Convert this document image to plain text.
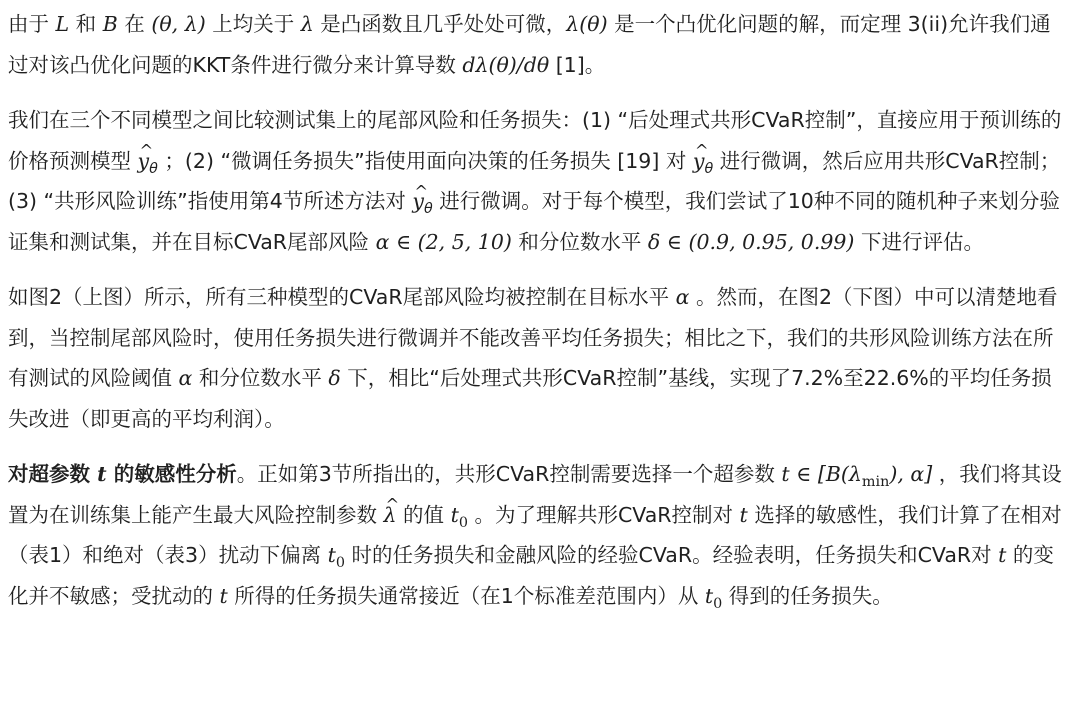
由于 L 和 B 在 (θ, λ) 上均关于 λ 是凸函数且几乎处处可微，λ(θ) 是一个凸优化问题的解，而定理 3(ii)允许我们通过对该凸优化问题的KKT条件进行微分来计算导数 dλ(θ)/dθ [1]。

我们在三个不同模型之间比较测试集上的尾部风险和任务损失：(1) “后处理式共形CVaR控制”，直接应用于预训练的价格预测模型 ^ $y_\theta$ ；(2) “微调任务损失”指使用面向决策的任务损失 [19] 对 ^ $y_\theta$ 进行微调，然后应用共形CVaR控制；(3) “共形风险训练”指使用第4节所述方法对 ^ $y_\theta$ 进行微调。对于每个模型，我们尝试了10种不同的随机种子来划分验证集和测试集，并在目标CVaR尾部风险 α ∈ (2, 5, 10) 和分位数水平 δ ∈ (0.9, 0.95, 0.99) 下进行评估。

如图2（上图）所示，所有三种模型的CVaR尾部风险均被控制在目标水平 α 。然而，在图2（下图）中可以清楚地看到，当控制尾部风险时，使用任务损失进行微调并不能改善平均任务损失；相比之下，我们的共形风险训练方法在所有测试的风险阈值 α 和分位数水平 δ 下，相比“后处理式共形CVaR控制”基线，实现了7.2%至22.6%的平均任务损失改进（即更高的平均利润）。

对超参数 t 的敏感性分析。正如第3节所指出的，共形CVaR控制需要选择一个超参数 t ∈ [$B(\lambda_{min})$, α] ，我们将其设置为在训练集上能产生最大风险控制参数 ^ λ 的值 $t_0$ 。为了理解共形CVaR控制对 t 选择的敏感性，我们计算了在相对（表1）和绝对（表3）扰动下偏离 $t_0$ 时的任务损失和金融风险的经验CVaR。经验表明，任务损失和CVaR对 t 的变化并不敏感；受扰动的 t 所得的任务损失通常接近（在1个标准差范围内）从 $t_0$ 得到的任务损失。
